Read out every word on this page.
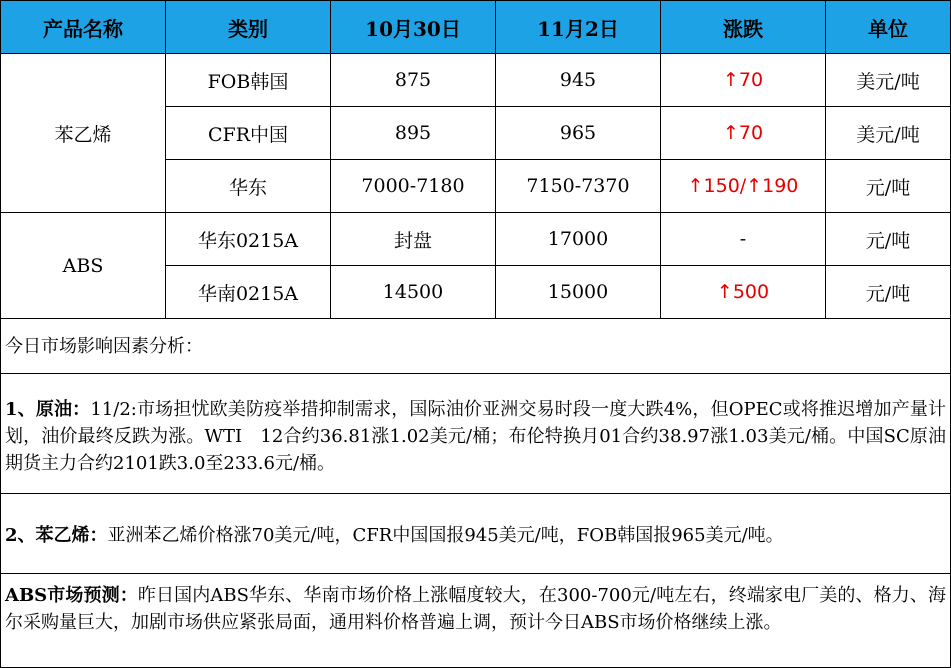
产品名称	类别	10月30日	11月2日	涨跌	单位
苯乙烯	FOB韩国	875	945	↑70	美元/吨
	CFR中国	895	965	↑70	美元/吨
	华东	7000-7180	7150-7370	↑150/↑190	元/吨
ABS	华东0215A	封盘	17000	-	元/吨
	华南0215A	14500	15000	↑500	元/吨

今日市场影响因素分析：

1、原油：11/2:市场担忧欧美防疫举措抑制需求，国际油价亚洲交易时段一度大跌4%，但OPEC或将推迟增加产量计划，油价最终反跌为涨。WTI　12合约36.81涨1.02美元/桶；布伦特换月01合约38.97涨1.03美元/桶。中国SC原油期货主力合约2101跌3.0至233.6元/桶。

2、苯乙烯：亚洲苯乙烯价格涨70美元/吨，CFR中国国报945美元/吨，FOB韩国报965美元/吨。

ABS市场预测：昨日国内ABS华东、华南市场价格上涨幅度较大，在300-700元/吨左右，终端家电厂美的、格力、海尔采购量巨大，加剧市场供应紧张局面，通用料价格普遍上调，预计今日ABS市场价格继续上涨。
